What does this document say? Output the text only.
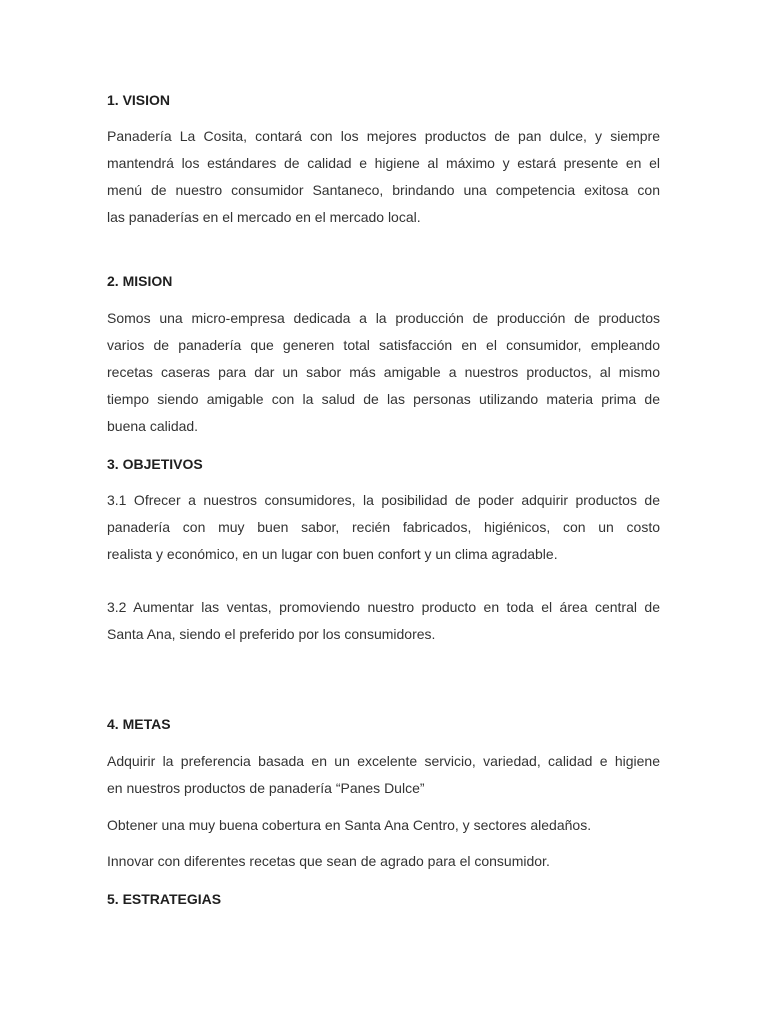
1. VISION

Panadería La Cosita, contará con los mejores productos de pan dulce, y siempre
mantendrá los estándares de calidad e higiene al máximo y estará presente en el
menú de nuestro consumidor Santaneco, brindando una competencia exitosa con
las panaderías en el mercado en el mercado local.

2. MISION

Somos una micro-empresa dedicada a la producción de producción de productos
varios de panadería que generen total satisfacción en el consumidor, empleando
recetas caseras para dar un sabor más amigable a nuestros productos, al mismo
tiempo siendo amigable con la salud de las personas utilizando materia prima de
buena calidad.

3. OBJETIVOS

3.1 Ofrecer a nuestros consumidores, la posibilidad de poder adquirir productos de
panadería con muy buen sabor, recién fabricados, higiénicos, con un costo
realista y económico, en un lugar con buen confort y un clima agradable.

3.2 Aumentar las ventas, promoviendo nuestro producto en toda el área central de
Santa Ana, siendo el preferido por los consumidores.

4. METAS

Adquirir la preferencia basada en un excelente servicio, variedad, calidad e higiene
en nuestros productos de panadería “Panes Dulce”

Obtener una muy buena cobertura en Santa Ana Centro, y sectores aledaños.

Innovar con diferentes recetas que sean de agrado para el consumidor.

5. ESTRATEGIAS
